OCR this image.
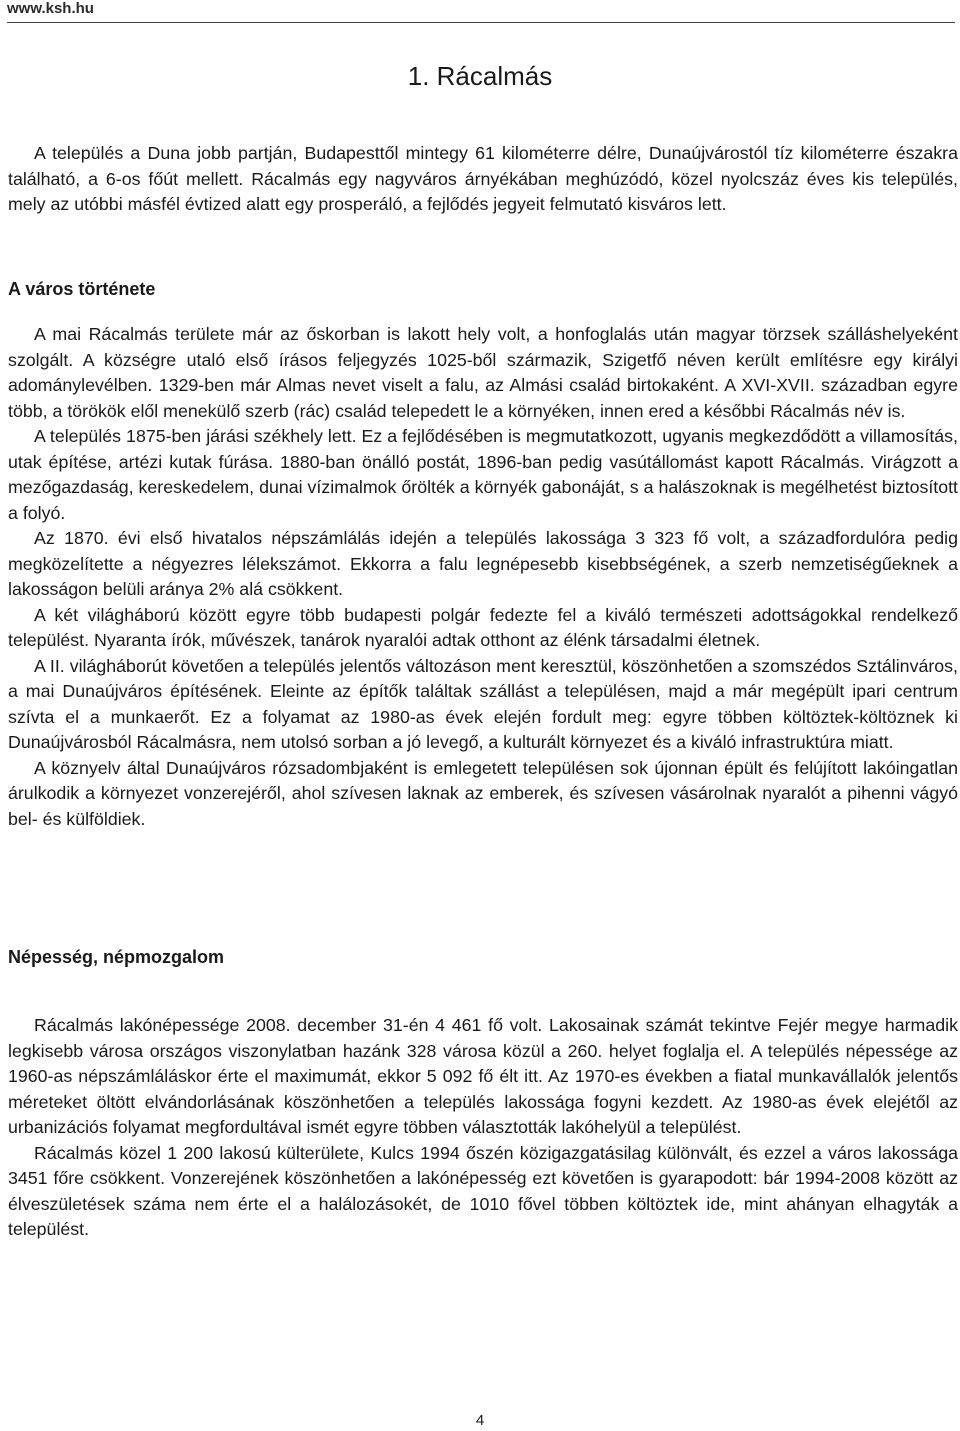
www.ksh.hu
1. Rácalmás

A település a Duna jobb partján, Budapesttől mintegy 61 kilométerre délre, Dunaújvárostól tíz kilométerre északra található, a 6-os főút mellett. Rácalmás egy nagyváros árnyékában meghúzódó, közel nyolcszáz éves kis település, mely az utóbbi másfél évtized alatt egy prosperáló, a fejlődés jegyeit felmutató kisváros lett.

A város története

A mai Rácalmás területe már az őskorban is lakott hely volt, a honfoglalás után magyar törzsek szálláshelyeként szolgált. A községre utaló első írásos feljegyzés 1025-ből származik, Szigetfő néven került említésre egy királyi adománylevélben. 1329-ben már Almas nevet viselt a falu, az Almási család birtokaként. A XVI-XVII. században egyre több, a törökök elől menekülő szerb (rác) család telepedett le a környéken, innen ered a későbbi Rácalmás név is.

A település 1875-ben járási székhely lett. Ez a fejlődésében is megmutatkozott, ugyanis megkezdődött a villamosítás, utak építése, artézi kutak fúrása. 1880-ban önálló postát, 1896-ban pedig vasútállomást kapott Rácalmás. Virágzott a mezőgazdaság, kereskedelem, dunai vízimalmok őrölték a környék gabonáját, s a halászoknak is megélhetést biztosított a folyó.

Az 1870. évi első hivatalos népszámlálás idején a település lakossága 3 323 fő volt, a századfordulóra pedig megközelítette a négyezres lélekszámot. Ekkorra a falu legnépesebb kisebbségének, a szerb nemzetiségűeknek a lakosságon belüli aránya 2% alá csökkent.

A két világháború között egyre több budapesti polgár fedezte fel a kiváló természeti adottságokkal rendelkező települést. Nyaranta írók, művészek, tanárok nyaralói adtak otthont az élénk társadalmi életnek.

A II. világháborút követően a település jelentős változáson ment keresztül, köszönhetően a szomszédos Sztálinváros, a mai Dunaújváros építésének. Eleinte az építők találtak szállást a településen, majd a már megépült ipari centrum szívta el a munkaerőt. Ez a folyamat az 1980-as évek elején fordult meg: egyre többen költöztek-költöznek ki Dunaújvárosból Rácalmásra, nem utolsó sorban a jó levegő, a kulturált környezet és a kiváló infrastruktúra miatt.

A köznyelv által Dunaújváros rózsadombjaként is emlegetett településen sok újonnan épült és felújított lakóingatlan árulkodik a környezet vonzerejéről, ahol szívesen laknak az emberek, és szívesen vásárolnak nyaralót a pihenni vágyó bel- és külföldiek.

Népesség, népmozgalom

Rácalmás lakónépessége 2008. december 31-én 4 461 fő volt. Lakosainak számát tekintve Fejér megye harmadik legkisebb városa országos viszonylatban hazánk 328 városa közül a 260. helyet foglalja el. A település népessége az 1960-as népszámláláskor érte el maximumát, ekkor 5 092 fő élt itt. Az 1970-es években a fiatal munkavállalók jelentős méreteket öltött elvándorlásának köszönhetően a település lakossága fogyni kezdett. Az 1980-as évek elejétől az urbanizációs folyamat megfordultával ismét egyre többen választották lakóhelyül a települést.

Rácalmás közel 1 200 lakosú külterülete, Kulcs 1994 őszén közigazgatásilag különvált, és ezzel a város lakossága 3451 főre csökkent. Vonzerejének köszönhetően a lakónépesség ezt követően is gyarapodott: bár 1994-2008 között az élveszületések száma nem érte el a halálozásokét, de 1010 fővel többen költöztek ide, mint ahányan elhagyták a települést.

4
